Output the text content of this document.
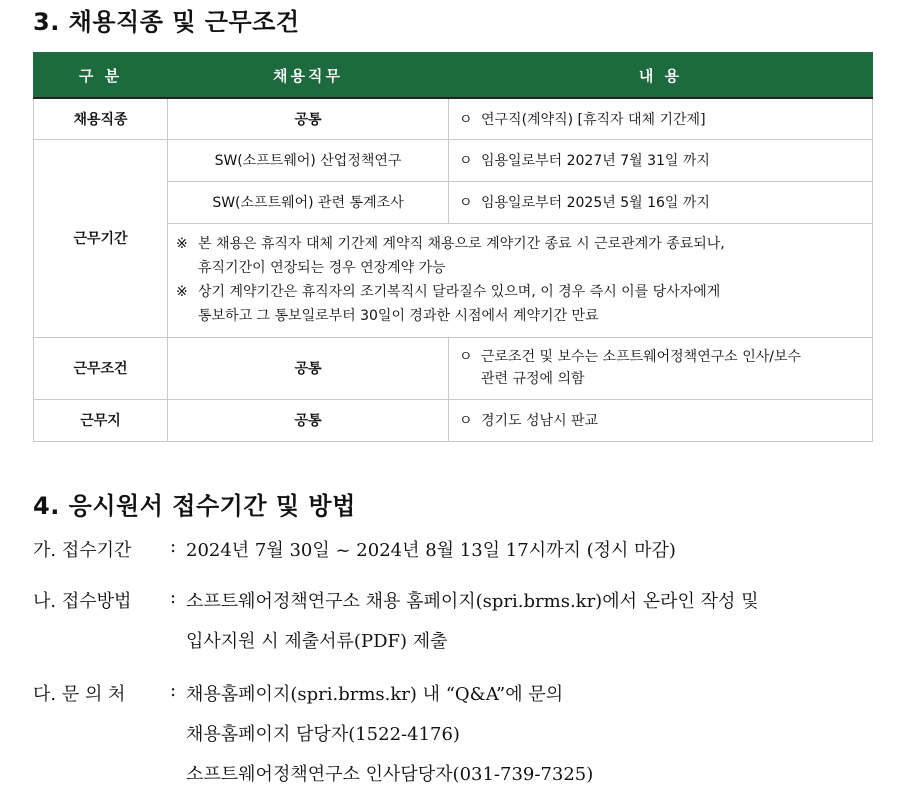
3. 채용직종 및 근무조건
구 분	채용직무	내 용
채용직종	공통	ㅇ 연구직(계약직) [휴직자 대체 기간제]
근무기간	SW(소프트웨어) 산업정책연구	ㅇ 임용일로부터 2027년 7월 31일 까지
	SW(소프트웨어) 관련 통계조사	ㅇ 임용일로부터 2025년 5월 16일 까지

	※ 본 채용은 휴직자 대체 기간제 계약직 채용으로 계약기간 종료 시 근로관계가 종료되나,
휴직기간이 연장되는 경우 연장계약 가능
※ 상기 계약기간은 휴직자의 조기복직시 달라질수 있으며, 이 경우 즉시 이를 당사자에게
통보하고 그 통보일로부터 30일이 경과한 시점에서 계약기간 만료	

근무조건	공통	ㅇ 근로조건 및 보수는 소프트웨어정책연구소 인사/보수
관련 규정에 의함

근무지	공통	ㅇ 경기도 성남시 판교
4. 응시원서 접수기간 및 방법
가. 접수기간 : 2024년 7월 30일 ~ 2024년 8월 13일 17시까지 (정시 마감)
나. 접수방법 : 소프트웨어정책연구소 채용 홈페이지(spri.brms.kr)에서 온라인 작성 및
입사지원 시 제출서류(PDF) 제출
다. 문 의 처 : 채용홈페이지(spri.brms.kr) 내 “Q&A”에 문의
채용홈페이지 담당자(1522-4176)
소프트웨어정책연구소 인사담당자(031-739-7325)
